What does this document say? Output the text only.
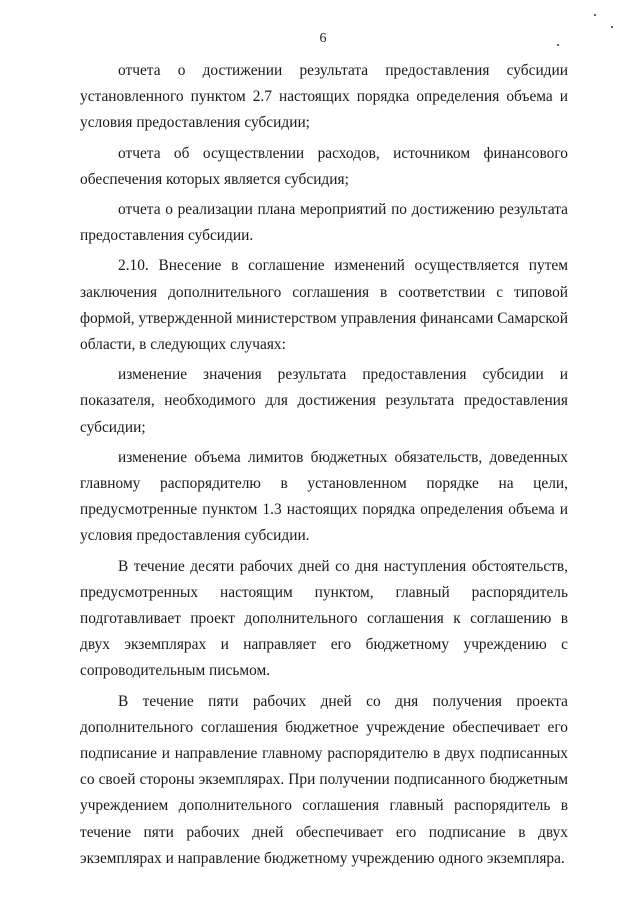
6

отчета о достижении результата предоставления субсидии установленного пунктом 2.7 настоящих порядка определения объема и условия предоставления субсидии;

отчета об осуществлении расходов, источником финансового обеспечения которых является субсидия;

отчета о реализации плана мероприятий по достижению результата предоставления субсидии.

2.10. Внесение в соглашение изменений осуществляется путем заключения дополнительного соглашения в соответствии с типовой формой, утвержденной министерством управления финансами Самарской области, в следующих случаях:

изменение значения результата предоставления субсидии и показателя, необходимого для достижения результата предоставления субсидии;

изменение объема лимитов бюджетных обязательств, доведенных главному распорядителю в установленном порядке на цели, предусмотренные пунктом 1.3 настоящих порядка определения объема и условия предоставления субсидии.

В течение десяти рабочих дней со дня наступления обстоятельств, предусмотренных настоящим пунктом, главный распорядитель подготавливает проект дополнительного соглашения к соглашению в двух экземплярах и направляет его бюджетному учреждению с сопроводительным письмом.

В течение пяти рабочих дней со дня получения проекта дополнительного соглашения бюджетное учреждение обеспечивает его подписание и направление главному распорядителю в двух подписанных со своей стороны экземплярах. При получении подписанного бюджетным учреждением дополнительного соглашения главный распорядитель в течение пяти рабочих дней обеспечивает его подписание в двух экземплярах и направление бюджетному учреждению одного экземпляра.
